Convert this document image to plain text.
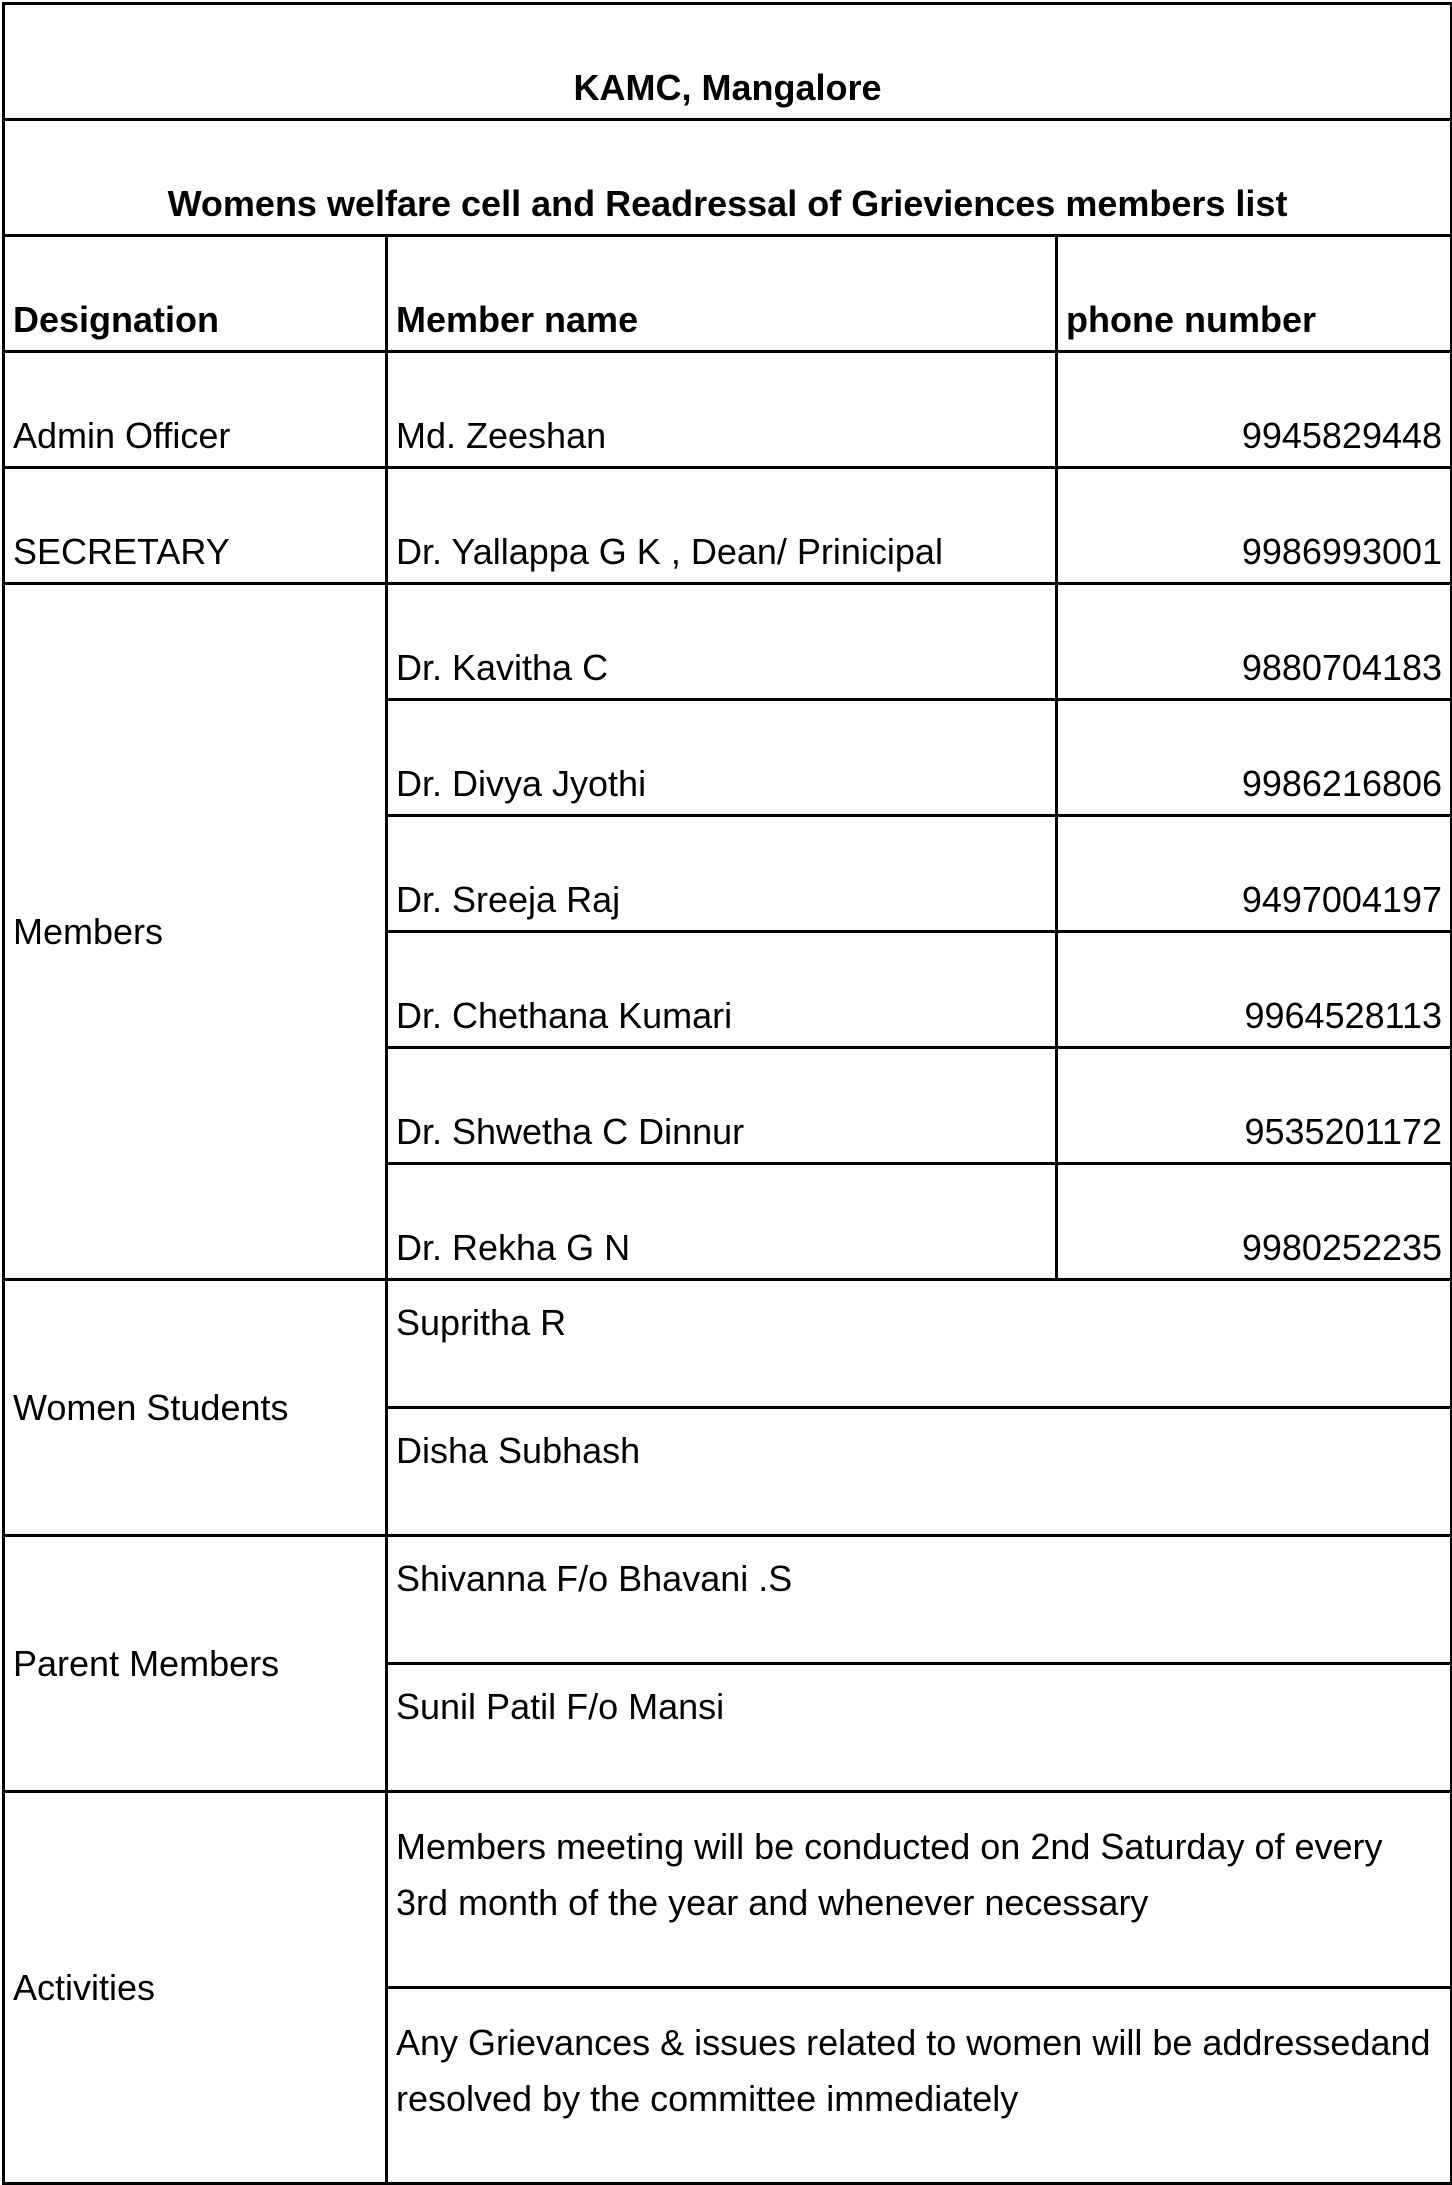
KAMC, Mangalore		
Womens welfare cell and Readressal of Grieviences members list		
Designation	Member name	phone number
Admin Officer	Md. Zeeshan	9945829448
SECRETARY	Dr. Yallappa G K , Dean/ Prinicipal	9986993001
Members	Dr. Kavitha C	9880704183
	Dr. Divya Jyothi	9986216806
	Dr. Sreeja Raj	9497004197
	Dr. Chethana Kumari	9964528113
	Dr. Shwetha C Dinnur	9535201172
	Dr. Rekha G N	9980252235
Women Students	Supritha R	
	Disha Subhash	
Parent Members	Shivanna F/o Bhavani .S	
	Sunil Patil F/o Mansi	
Activities	Members meeting will be conducted on 2nd Saturday of every 3rd month of the year and whenever necessary	
	Any Grievances & issues related to women will be addressedand resolved by the committee immediately	
